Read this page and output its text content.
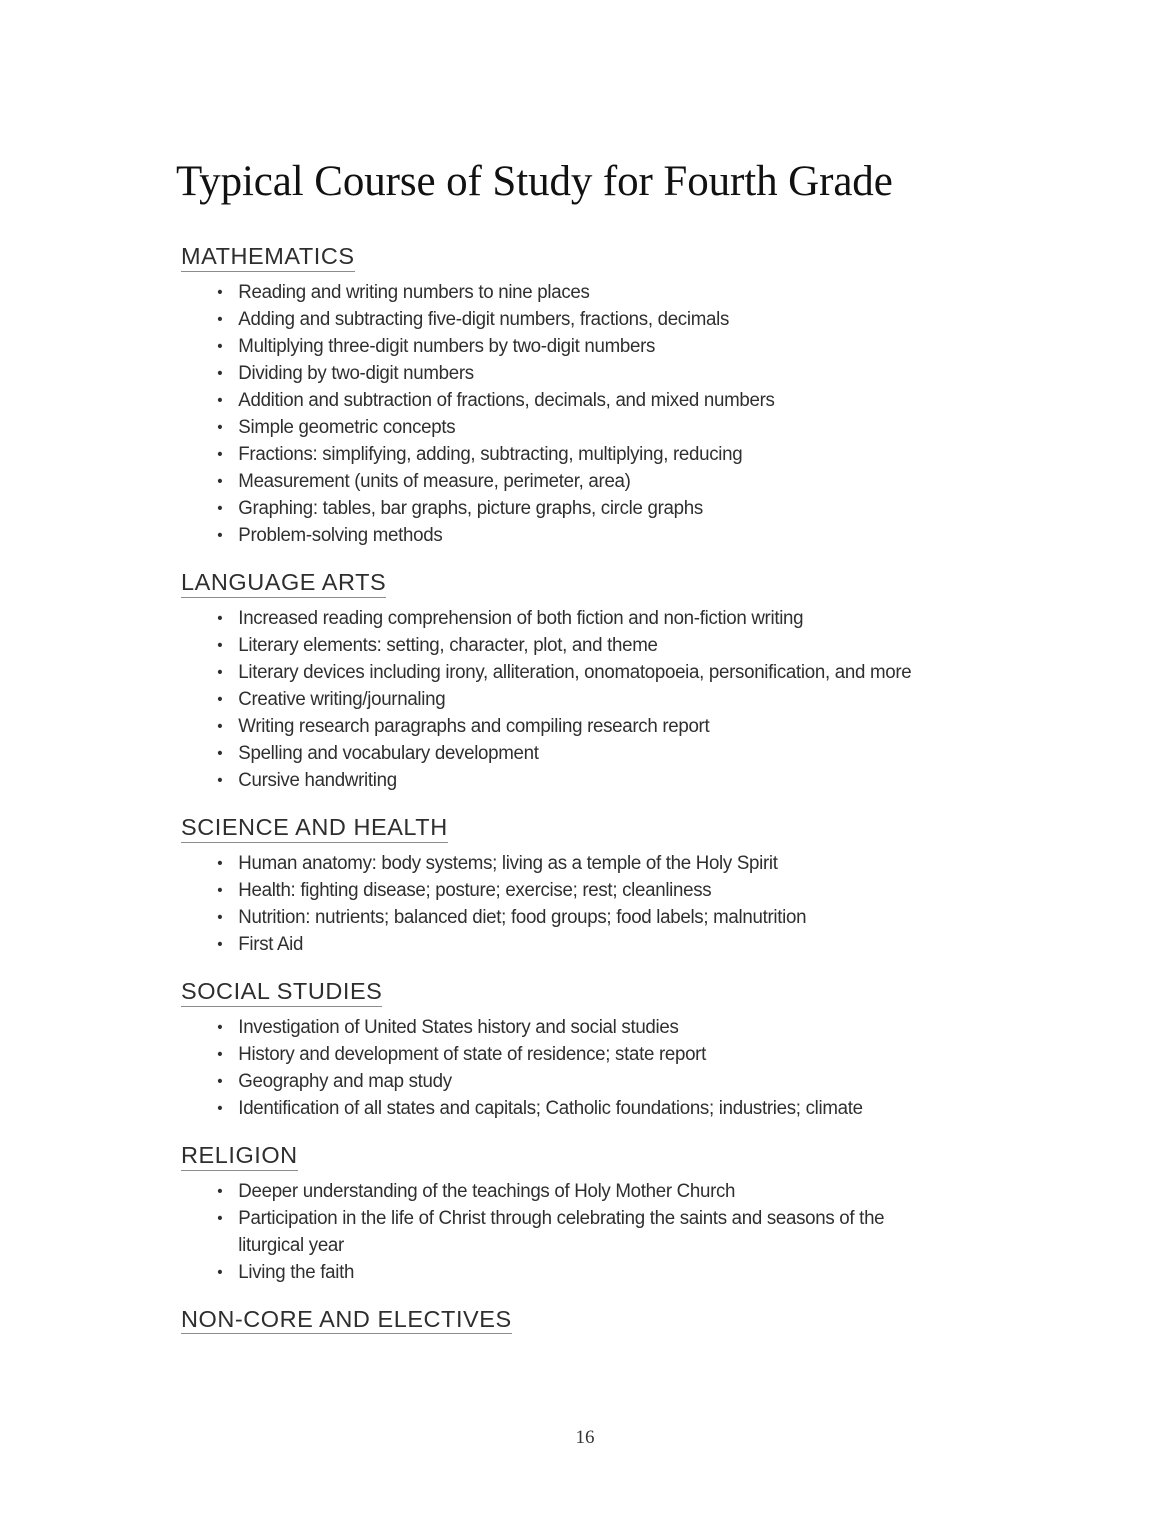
Typical Course of Study for Fourth Grade
MATHEMATICS
• Reading and writing numbers to nine places
• Adding and subtracting five-digit numbers, fractions, decimals
• Multiplying three-digit numbers by two-digit numbers
• Dividing by two-digit numbers
• Addition and subtraction of fractions, decimals, and mixed numbers
• Simple geometric concepts
• Fractions: simplifying, adding, subtracting, multiplying, reducing
• Measurement (units of measure, perimeter, area)
• Graphing: tables, bar graphs, picture graphs, circle graphs
• Problem-solving methods
LANGUAGE ARTS
• Increased reading comprehension of both fiction and non-fiction writing
• Literary elements: setting, character, plot, and theme
• Literary devices including irony, alliteration, onomatopoeia, personification, and more
• Creative writing/journaling
• Writing research paragraphs and compiling research report
• Spelling and vocabulary development
• Cursive handwriting
SCIENCE AND HEALTH
• Human anatomy: body systems; living as a temple of the Holy Spirit
• Health: fighting disease; posture; exercise; rest; cleanliness
• Nutrition: nutrients; balanced diet; food groups; food labels; malnutrition
• First Aid
SOCIAL STUDIES
• Investigation of United States history and social studies
• History and development of state of residence; state report
• Geography and map study
• Identification of all states and capitals; Catholic foundations; industries; climate
RELIGION
• Deeper understanding of the teachings of Holy Mother Church
• Participation in the life of Christ through celebrating the saints and seasons of the liturgical year
• Living the faith
NON-CORE AND ELECTIVES
16
